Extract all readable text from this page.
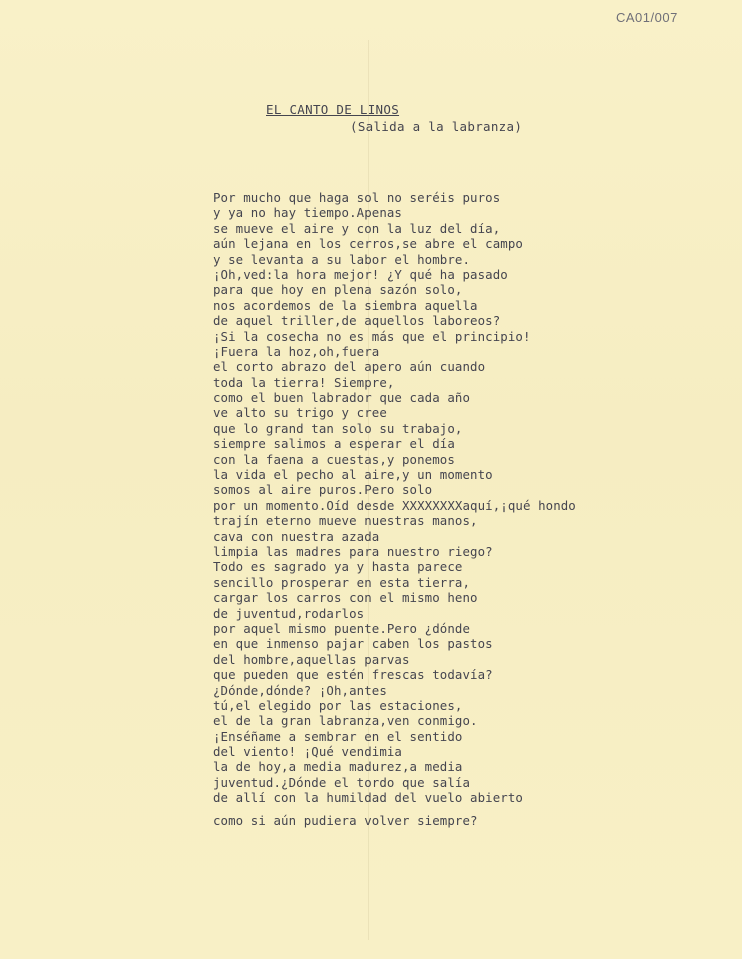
CA01/007
EL CANTO DE LINOS
(Salida a la labranza)
Por mucho que haga sol no seréis puros
y ya no hay tiempo.Apenas
se mueve el aire y con la luz del día,
aún lejana en los cerros,se abre el campo
y se levanta a su labor el hombre.
¡Oh,ved:la hora mejor! ¿Y qué ha pasado
para que hoy en plena sazón solo,
nos acordemos de la siembra aquella
de aquel triller,de aquellos laboreos?
¡Si la cosecha no es más que el principio!
¡Fuera la hoz,oh,fuera
el corto abrazo del apero aún cuando
toda la tierra! Siempre,
como el buen labrador que cada año
ve alto su trigo y cree
que lo grand tan solo su trabajo,
siempre salimos a esperar el día
con la faena a cuestas,y ponemos
la vida el pecho al aire,y un momento
somos al aire puros.Pero solo
por un momento.Oíd desde XXXXXXXXaquí,¡qué hondo
trajín eterno mueve nuestras manos,
cava con nuestra azada
limpia las madres para nuestro riego?
Todo es sagrado ya y hasta parece
sencillo prosperar en esta tierra,
cargar los carros con el mismo heno
de juventud,rodarlos
por aquel mismo puente.Pero ¿dónde
en que inmenso pajar caben los pastos
del hombre,aquellas parvas
que pueden que estén frescas todavía?
¿Dónde,dónde? ¡Oh,antes
tú,el elegido por las estaciones,
el de la gran labranza,ven conmigo.
¡Enséñame a sembrar en el sentido
del viento! ¡Qué vendimia
la de hoy,a media madurez,a media
juventud.¿Dónde el tordo que salía
de allí con la humildad del vuelo abierto
como si aún pudiera volver siempre?
